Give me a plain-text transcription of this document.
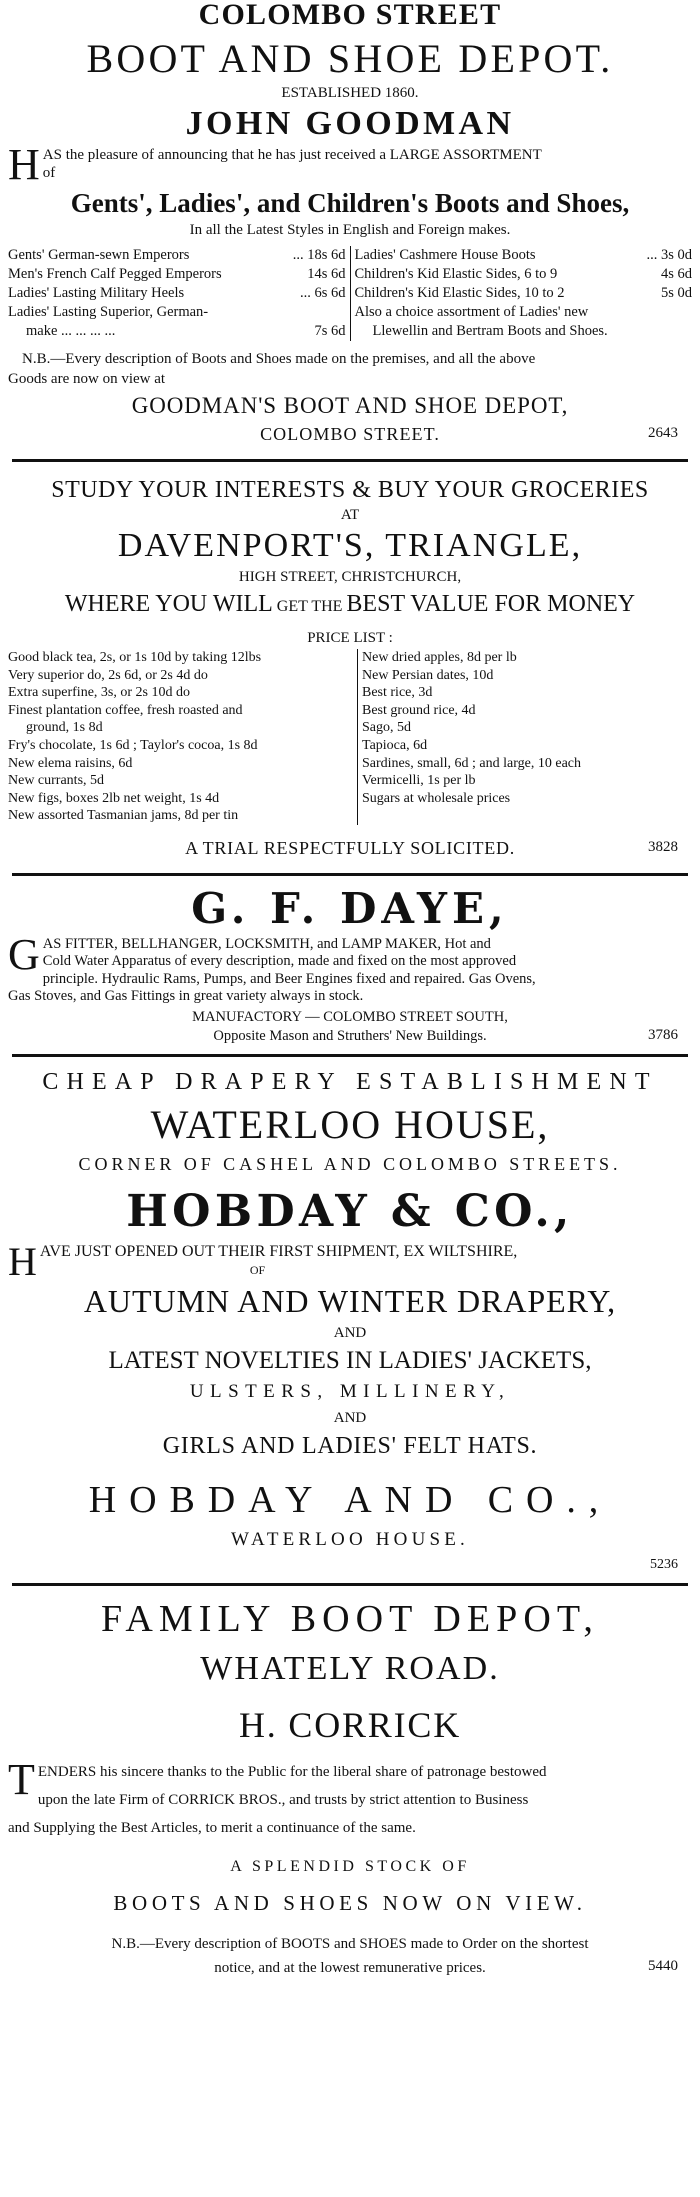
COLOMBO STREET
BOOT AND SHOE DEPOT.
ESTABLISHED 1860.
JOHN GOODMAN
H AS the pleasure of announcing that he has just received a LARGE ASSORTMENT
of
Gents', Ladies', and Children's Boots and Shoes,
In all the Latest Styles in English and Foreign makes.
Gents' German-sewn Emperors	... 18s 6d
Men's French Calf Pegged Emperors	14s 6d
Ladies' Lasting Military Heels	... 6s 6d
Ladies' Lasting Superior, German-
make ... ... ... ...	7s 6d
Ladies' Cashmere House Boots	... 3s 0d
Children's Kid Elastic Sides, 6 to 9	4s 6d
Children's Kid Elastic Sides, 10 to 2	5s 0d
Also a choice assortment of Ladies' new
Llewellin and Bertram Boots and Shoes.
N.B.—Every description of Boots and Shoes made on the premises, and all the above
Goods are now on view at
GOODMAN'S BOOT AND SHOE DEPOT,
COLOMBO STREET.	2643
STUDY YOUR INTERESTS & BUY YOUR GROCERIES
AT
DAVENPORT'S, TRIANGLE,
HIGH STREET, CHRISTCHURCH,
WHERE YOU WILL GET THE BEST VALUE FOR MONEY
PRICE LIST :
Good black tea, 2s, or 1s 10d by taking 12lbs
Very superior do, 2s 6d, or 2s 4d do
Extra superfine, 3s, or 2s 10d do
Finest plantation coffee, fresh roasted and
ground, 1s 8d
Fry's chocolate, 1s 6d ; Taylor's cocoa, 1s 8d
New elema raisins, 6d
New currants, 5d
New figs, boxes 2lb net weight, 1s 4d
New assorted Tasmanian jams, 8d per tin
New dried apples, 8d per lb
New Persian dates, 10d
Best rice, 3d
Best ground rice, 4d
Sago, 5d
Tapioca, 6d
Sardines, small, 6d ; and large, 10 each
Vermicelli, 1s per lb
Sugars at wholesale prices
A TRIAL RESPECTFULLY SOLICITED.	3828
G. F. DAYE,
G AS FITTER, BELLHANGER, LOCKSMITH, and LAMP MAKER, Hot and
Cold Water Apparatus of every description, made and fixed on the most approved
principle. Hydraulic Rams, Pumps, and Beer Engines fixed and repaired. Gas Ovens,
Gas Stoves, and Gas Fittings in great variety always in stock.
MANUFACTORY — COLOMBO STREET SOUTH,
Opposite Mason and Struthers' New Buildings.	3786
CHEAP DRAPERY ESTABLISHMENT
WATERLOO HOUSE,
CORNER OF CASHEL AND COLOMBO STREETS.
HOBDAY & CO.,
H AVE JUST OPENED OUT THEIR FIRST SHIPMENT, EX WILTSHIRE,
OF
AUTUMN AND WINTER DRAPERY,
AND
LATEST NOVELTIES IN LADIES' JACKETS,
ULSTERS, MILLINERY,
AND
GIRLS AND LADIES' FELT HATS.
HOBDAY AND CO.,
WATERLOO HOUSE.
5236
FAMILY BOOT DEPOT,
WHATELY ROAD.
H. CORRICK
T ENDERS his sincere thanks to the Public for the liberal share of patronage bestowed
upon the late Firm of CORRICK BROS., and trusts by strict attention to Business
and Supplying the Best Articles, to merit a continuance of the same.
A SPLENDID STOCK OF
BOOTS AND SHOES NOW ON VIEW.
N.B.—Every description of BOOTS and SHOES made to Order on the shortest
notice, and at the lowest remunerative prices.	5440
